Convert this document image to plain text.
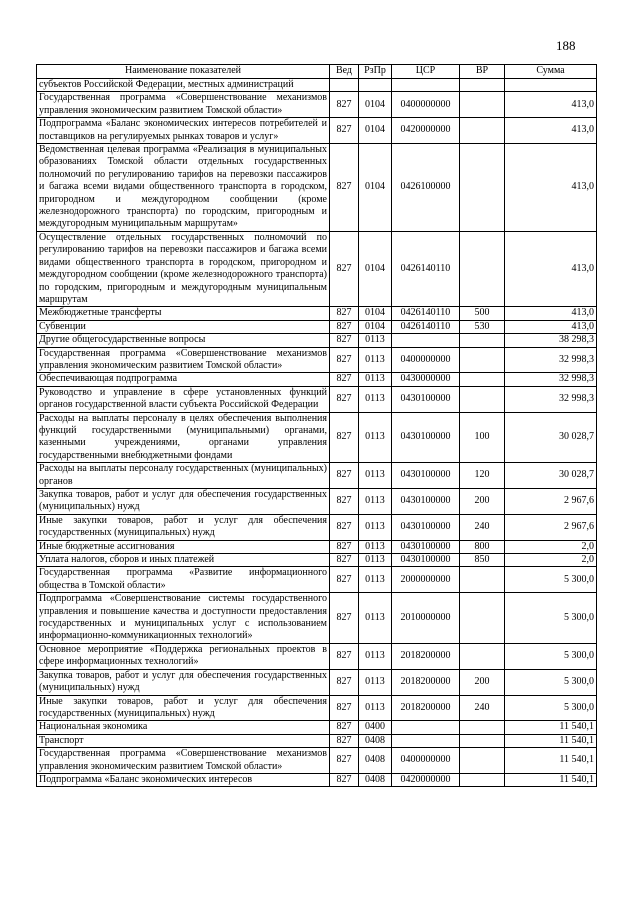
188
Наименование показателей	Вед	РзПр	ЦСР	ВР	Сумма
субъектов Российской Федерации, местных администраций					
Государственная программа «Совершенствование механизмов управления экономическим развитием Томской области»	827	0104	0400000000		413,0
Подпрограмма «Баланс экономических интересов потребителей и поставщиков на регулируемых рынках товаров и услуг»	827	0104	0420000000		413,0
Ведомственная целевая программа «Реализация в муниципальных образованиях Томской области отдельных государственных полномочий по регулированию тарифов на перевозки пассажиров и багажа всеми видами общественного транспорта в городском, пригородном и междугородном сообщении (кроме железнодорожного транспорта) по городским, пригородным и междугородным муниципальным маршрутам»	827	0104	0426100000		413,0
Осуществление отдельных государственных полномочий по регулированию тарифов на перевозки пассажиров и багажа всеми видами общественного транспорта в городском, пригородном и междугородном сообщении (кроме железнодорожного транспорта) по городским, пригородным и междугородным муниципальным маршрутам	827	0104	0426140110		413,0
Межбюджетные трансферты	827	0104	0426140110	500	413,0
Субвенции	827	0104	0426140110	530	413,0
Другие общегосударственные вопросы	827	0113			38 298,3
Государственная программа «Совершенствование механизмов управления экономическим развитием Томской области»	827	0113	0400000000		32 998,3
Обеспечивающая подпрограмма	827	0113	0430000000		32 998,3
Руководство и управление в сфере установленных функций органов государственной власти субъекта Российской Федерации	827	0113	0430100000		32 998,3
Расходы на выплаты персоналу в целях обеспечения выполнения функций государственными (муниципальными) органами, казенными учреждениями, органами управления государственными внебюджетными фондами	827	0113	0430100000	100	30 028,7
Расходы на выплаты персоналу государственных (муниципальных) органов	827	0113	0430100000	120	30 028,7
Закупка товаров, работ и услуг для обеспечения государственных (муниципальных) нужд	827	0113	0430100000	200	2 967,6
Иные закупки товаров, работ и услуг для обеспечения государственных (муниципальных) нужд	827	0113	0430100000	240	2 967,6
Иные бюджетные ассигнования	827	0113	0430100000	800	2,0
Уплата налогов, сборов и иных платежей	827	0113	0430100000	850	2,0
Государственная программа «Развитие информационного общества в Томской области»	827	0113	2000000000		5 300,0
Подпрограмма «Совершенствование системы государственного управления и повышение качества и доступности предоставления государственных и муниципальных услуг с использованием информационно-коммуникационных технологий»	827	0113	2010000000		5 300,0
Основное мероприятие «Поддержка региональных проектов в сфере информационных технологий»	827	0113	2018200000		5 300,0
Закупка товаров, работ и услуг для обеспечения государственных (муниципальных) нужд	827	0113	2018200000	200	5 300,0
Иные закупки товаров, работ и услуг для обеспечения государственных (муниципальных) нужд	827	0113	2018200000	240	5 300,0
Национальная экономика	827	0400			11 540,1
Транспорт	827	0408			11 540,1
Государственная программа «Совершенствование механизмов управления экономическим развитием Томской области»	827	0408	0400000000		11 540,1
Подпрограмма «Баланс экономических интересов	827	0408	0420000000		11 540,1
